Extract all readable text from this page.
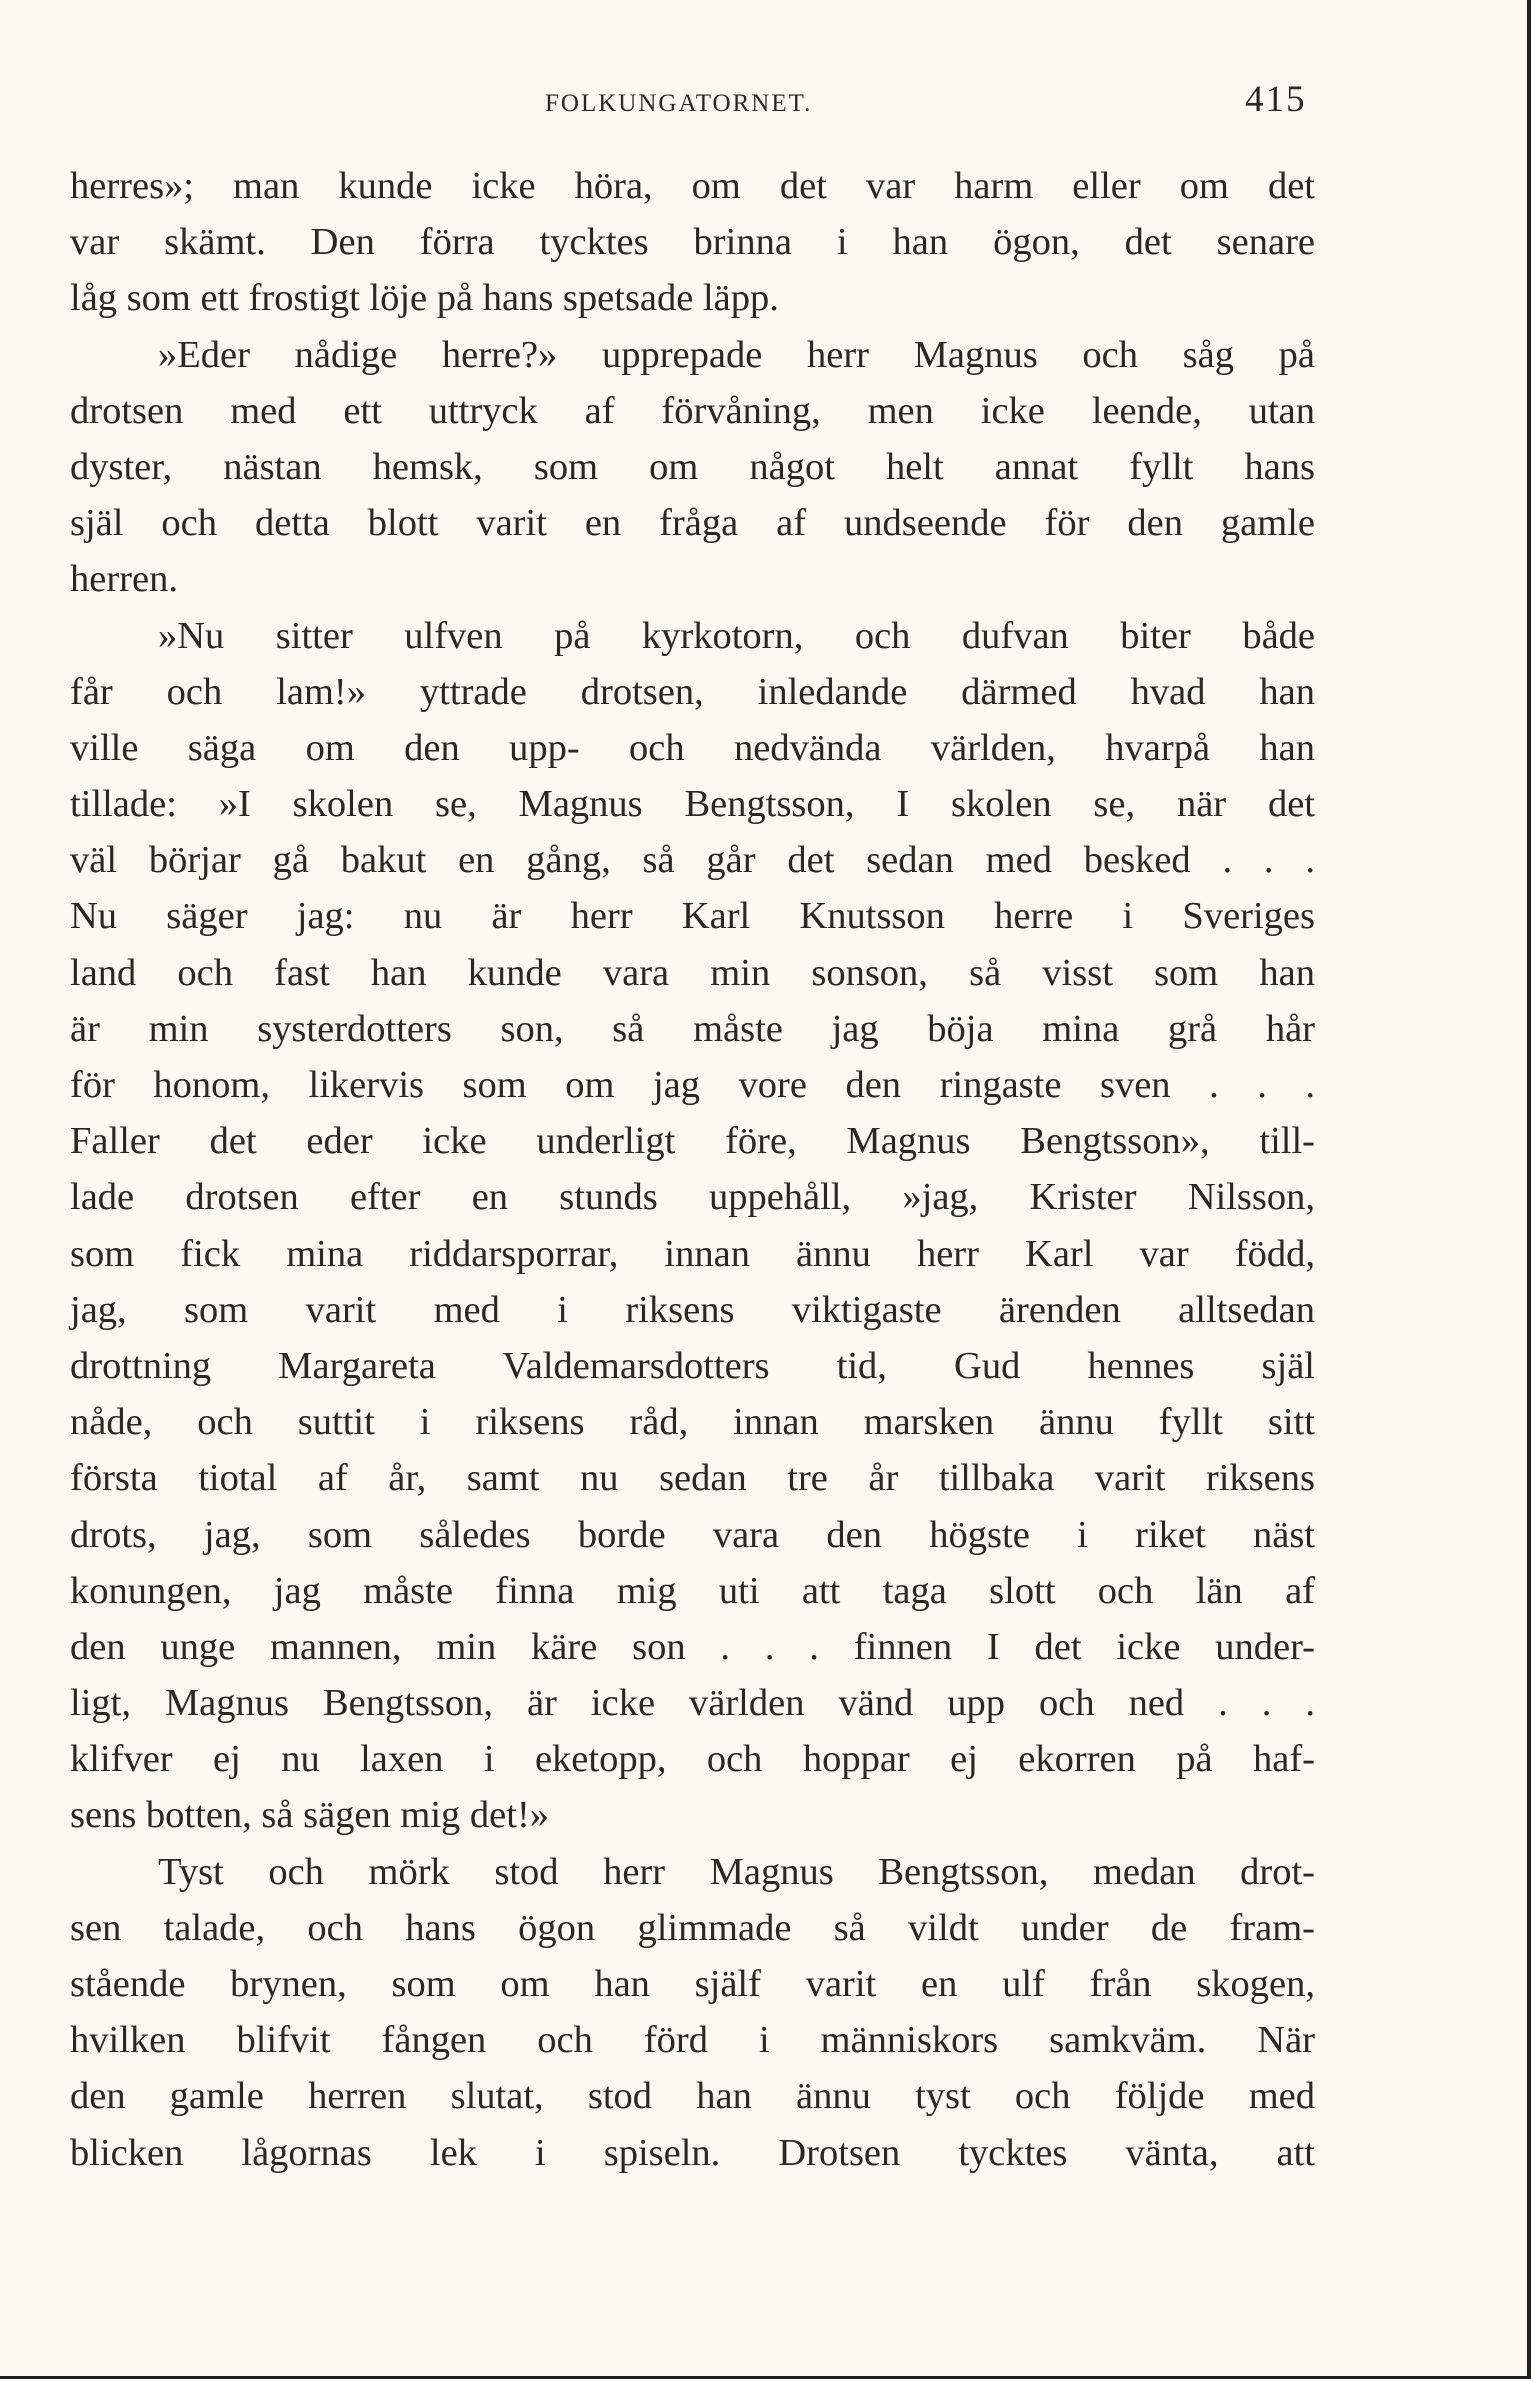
FOLKUNGATORNET.	415
herres»; man kunde icke höra, om det var harm eller om det
var skämt. Den förra tycktes brinna i han ögon, det senare
låg som ett frostigt löje på hans spetsade läpp.
»Eder nådige herre?» upprepade herr Magnus och såg på
drotsen med ett uttryck af förvåning, men icke leende, utan
dyster, nästan hemsk, som om något helt annat fyllt hans
själ och detta blott varit en fråga af undseende för den gamle
herren.
»Nu sitter ulfven på kyrkotorn, och dufvan biter både
får och lam!» yttrade drotsen, inledande därmed hvad han
ville säga om den upp- och nedvända världen, hvarpå han
tillade: »I skolen se, Magnus Bengtsson, I skolen se, när det
väl börjar gå bakut en gång, så går det sedan med besked . . .
Nu säger jag: nu är herr Karl Knutsson herre i Sveriges
land och fast han kunde vara min sonson, så visst som han
är min systerdotters son, så måste jag böja mina grå hår
för honom, likervis som om jag vore den ringaste sven . . .
Faller det eder icke underligt före, Magnus Bengtsson», till-
lade drotsen efter en stunds uppehåll, »jag, Krister Nilsson,
som fick mina riddarsporrar, innan ännu herr Karl var född,
jag, som varit med i riksens viktigaste ärenden alltsedan
drottning Margareta Valdemarsdotters tid, Gud hennes själ
nåde, och suttit i riksens råd, innan marsken ännu fyllt sitt
första tiotal af år, samt nu sedan tre år tillbaka varit riksens
drots, jag, som således borde vara den högste i riket näst
konungen, jag måste finna mig uti att taga slott och län af
den unge mannen, min käre son . . . finnen I det icke under-
ligt, Magnus Bengtsson, är icke världen vänd upp och ned . . .
klifver ej nu laxen i eketopp, och hoppar ej ekorren på haf-
sens botten, så sägen mig det!»
Tyst och mörk stod herr Magnus Bengtsson, medan drot-
sen talade, och hans ögon glimmade så vildt under de fram-
stående brynen, som om han själf varit en ulf från skogen,
hvilken blifvit fången och förd i människors samkväm. När
den gamle herren slutat, stod han ännu tyst och följde med
blicken lågornas lek i spiseln. Drotsen tycktes vänta, att
